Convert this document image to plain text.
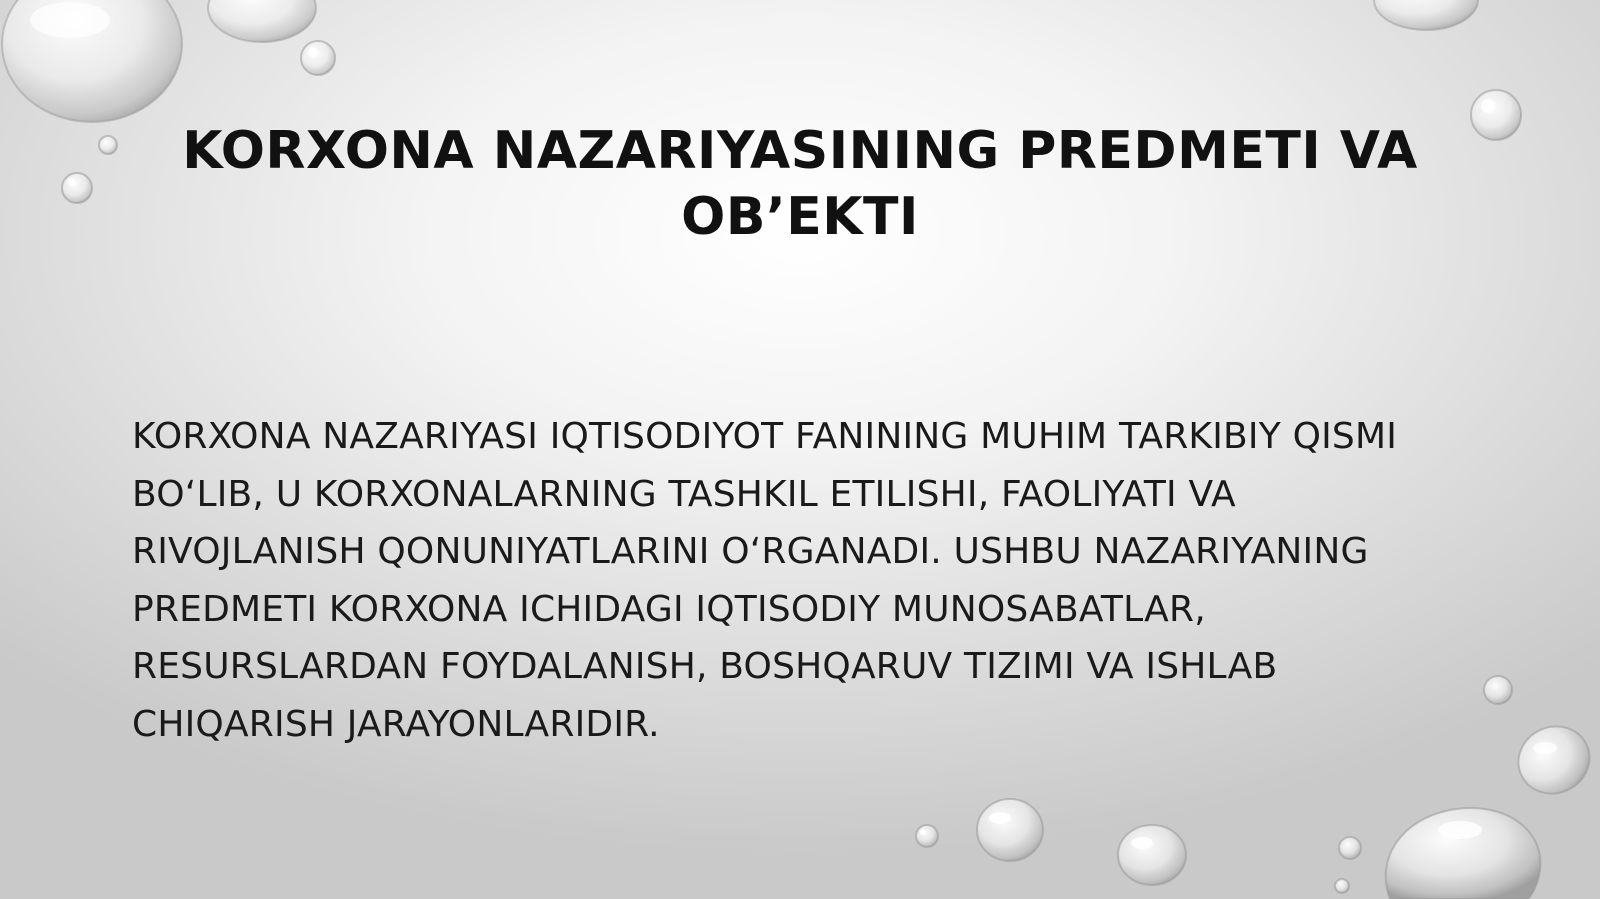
KORXONA NAZARIYASINING PREDMETI VA OB’EKTI

KORXONA NAZARIYASI IQTISODIYOT FANINING MUHIM TARKIBIY QISMI BO‘LIB, U KORXONALARNING TASHKIL ETILISHI, FAOLIYATI VA RIVOJLANISH QONUNIYATLARINI O‘RGANADI. USHBU NAZARIYANING PREDMETI KORXONA ICHIDAGI IQTISODIY MUNOSABATLAR, RESURSLARDAN FOYDALANISH, BOSHQARUV TIZIMI VA ISHLAB CHIQARISH JARAYONLARIDIR.
